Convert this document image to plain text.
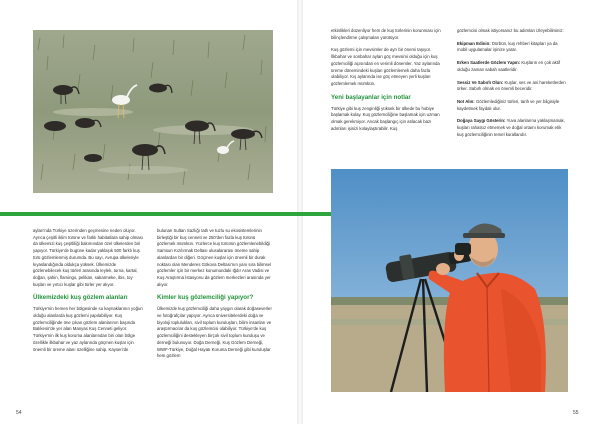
ayları'nda Türkiye üzerinden geçmesine neden oluyor. Ayrıca çeşitli iklim türüne ve farklı habitatlara sahip olması da ülkemizi kuş çeşitliliği bakımından özel ülkelerden biri yapıyor. Türkiye'de bugüne kadar yaklaşık 500 farklı kuş türü gözlemlenmiş durumda. Bu sayı, Avrupa ülkeleriyle kıyaslandığında oldukça yüksek. Ülkemizde gözlenebilecek kuş türleri arasında leylek, turna, kartal, doğan, şahin, flamingo, pelikan, sakarmeke, ibis, toy kuşları ve yırtıcı kuşlar gibi türler yer alıyor.

Ülkemizdeki kuş gözlem alanları

Türkiye'nin hemen her bölgesinde su kaynaklarının yoğun olduğu alanlarda kuş gözlemi yapılabiliyor. Kuş gözlemciliğinde öne çıkan gözlem alanlarının başında Balıkesir'de yer alan Manyas Kuş Cenneti geliyor. Türkiye'nin ilk kuş koruma alanlarından biri olan bölge özellikle ilkbahar ve yaz aylarında göçmen kuşlar için önemli bir üreme alanı özelliğine sahip. Kayseri'de

bulunan Sultan Sazlığı tatlı ve tuzlu su ekosistemlerinin birleştiği bir kuş cenneti ve 250'den fazla kuş türünü gözlemek mümkün. Yüzlerce kuş türünün gözlemlenebildiği Samsun Kızılırmak Deltası ulusalararası öneme sahip alanlardan bir diğeri. Göçmen kuşlar için önemli bir durak noktası olan Menderes Gökova Deltası'nın yanı sıra bilimsel gözlemler için bir merkez konumundaki Iğdır Aras Vadisi ve Kuş Araştırma İstasyonu da gözlem merkezleri arasında yer alıyor.

Kimler kuş gözlemciliği yapıyor?

Ülkemizde kuş gözlemciliği daha yaygın olarak doğaseverler ve fotoğrafçılar yapıyor. Ayrıca üniversitelerdeki doğa ve biyoloji toplulukları, sivil toplum kuruluşları, bilim insanları ve araştırmacılar da kuş gözlemcisi olabiliyor. Türkiye'de kuş gözlemciliğini destekleyen birçok sivil toplum kuruluşu ve derneği bulunuyor. Doğa Derneği, Kuş Gözlem Derneği, WWF-Türkiye, Doğal Hayatı Koruma Derneği gibi kuruluşlar hem gözlem

etkinlikleri düzenliyor hem de kuş türlerinin korunması için bilinçlendirme çalışmaları yürütüyor.

Kuş gözlemi için mevsimler de ayrı bir önemi taşıyor. İlkbahar ve sonbahar ayları göç mevsimi olduğu için kuş gözlemciliği açısından en verimli dönemler. Yaz aylarında üreme dönemindeki kuşları gözlemlemek daha fazla olabiliyor. Kış aylarında ise göç etmeyen yerli kuşları gözlemlemek mümkün.

Yeni başlayanlar için notlar

Türkiye gibi kuş zenginliği yüksek bir ülkede bu hobiye başlamak kolay. Kuş gözlemciliğine başlamak için uzman olmak gerekmiyor. Ancak başlangıç için atılacak bazı adımları işinizi kolaylaştırabilir. Kuş

gözlemcisi olmak istiyorsanız bu adımları izleyebilirsiniz:

Ekipman Edinin: Dürbün, kuş rehberi kitapları ya da mobil uygulamalar işinize yarar.
Erken Saatlerde Gözlem Yapın: Kuşların en çok aktif olduğu zaman sabah saatleridir.
Sessiz Ve Sabırlı Olun: Kuşlar, ses ve ani hareketlerden ürker. Sabırlı olmak en önemli beceridir.
Not Alın: Gözlemlediğiniz türleri, tarih ve yer bilgisiyle kaydetmek faydalı olur.
Doğaya Saygı Gösterin: Yuva alanlarına yaklaşmamak, kuşları rahatsız etmemek ve doğal ortamı korumak etik kuş gözlemciliğinin temel kurallarıdır.
54	55
